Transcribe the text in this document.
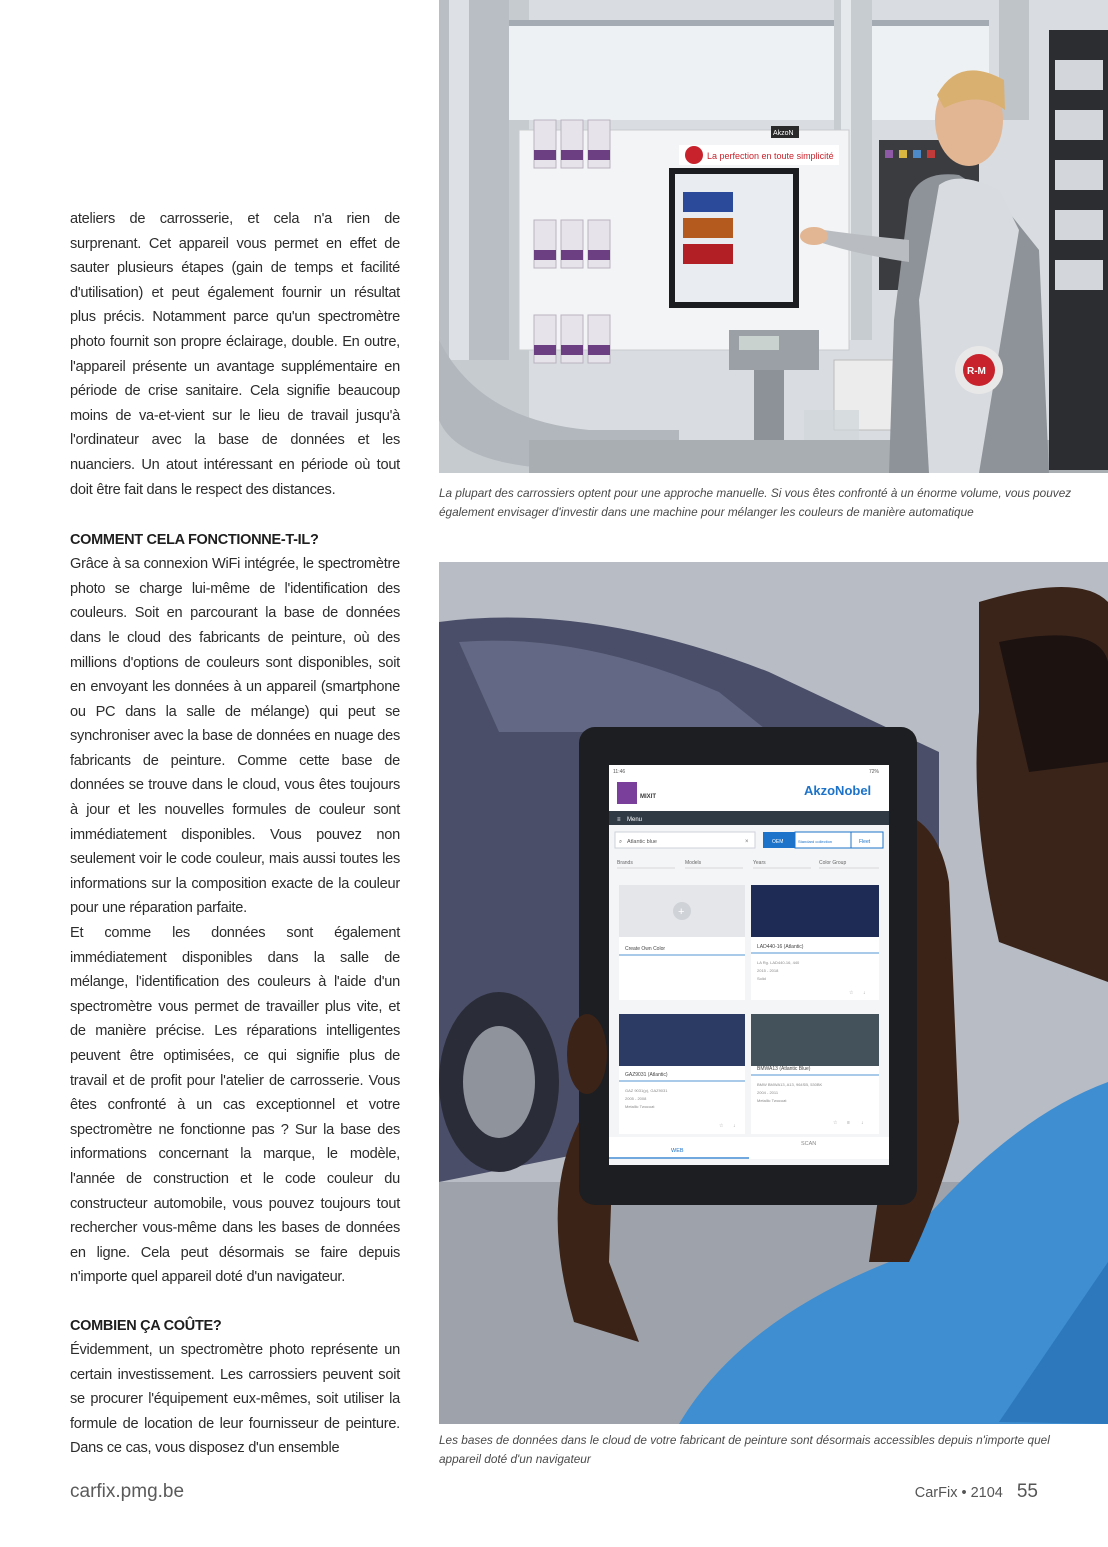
ateliers de carrosserie, et cela n'a rien de surprenant. Cet appareil vous permet en effet de sauter plusieurs étapes (gain de temps et facilité d'utilisation) et peut également fournir un résultat plus précis. Notamment parce qu'un spectromètre photo fournit son propre éclairage, double. En outre, l'appareil présente un avantage supplémentaire en période de crise sanitaire. Cela signifie beaucoup moins de va-et-vient sur le lieu de travail jusqu'à l'ordinateur avec la base de données et les nuanciers. Un atout intéressant en période où tout doit être fait dans le respect des distances.

COMMENT CELA FONCTIONNE-T-IL?

Grâce à sa connexion WiFi intégrée, le spectromètre photo se charge lui-même de l'identification des couleurs. Soit en parcourant la base de données dans le cloud des fabricants de peinture, où des millions d'options de couleurs sont disponibles, soit en envoyant les données à un appareil (smartphone ou PC dans la salle de mélange) qui peut se synchroniser avec la base de données en nuage des fabricants de peinture. Comme cette base de données se trouve dans le cloud, vous êtes toujours à jour et les nouvelles formules de couleur sont immédiatement disponibles. Vous pouvez non seulement voir le code couleur, mais aussi toutes les informations sur la composition exacte de la couleur pour une réparation parfaite.

Et comme les données sont également immédiatement disponibles dans la salle de mélange, l'identification des couleurs à l'aide d'un spectromètre vous permet de travailler plus vite, et de manière précise. Les réparations intelligentes peuvent être optimisées, ce qui signifie plus de travail et de profit pour l'atelier de carrosserie. Vous êtes confronté à un cas exceptionnel et votre spectromètre ne fonctionne pas ? Sur la base des informations concernant la marque, le modèle, l'année de construction et le code couleur du constructeur automobile, vous pouvez toujours tout rechercher vous-même dans les bases de données en ligne. Cela peut désormais se faire depuis n'importe quel appareil doté d'un navigateur.

COMBIEN ÇA COÛTE?

Évidemment, un spectromètre photo représente un certain investissement. Les carrossiers peuvent soit se procurer l'équipement eux-mêmes, soit utiliser la formule de location de leur fournisseur de peinture. Dans ce cas, vous disposez d'un ensemble

La perfection en toute simplicité
AkzoN
R-M
La plupart des carrossiers optent pour une approche manuelle. Si vous êtes confronté à un énorme volume, vous pouvez également envisager d'investir dans une machine pour mélanger les couleurs de manière automatique
11:46	72%
MIXIT	AkzoNobel
≡ Menu
⌕ Atlantic blue	×	OEM	Standard collection	Fleet
Brands	Models	Years	Color Group
+
Create Own Color	LAD440-16 (Atlantic)
LA Rg. LAD440-16, 440
2015 - 2018
Solid
☆ ↓
GAZ9031 (Atlantic)
GAZ 9031(p), GAZ9031
2005 - 2008
Metallic Twocoat
☆ ↓
BMWA13 (Atlantic Blue)
BMW BMWA13, A13, 964SB, 530BK
2004 - 2011
Metallic Twocoat
☆ ≡ ↓
WEB
SCAN
Les bases de données dans le cloud de votre fabricant de peinture sont désormais accessibles depuis n'importe quel appareil doté d'un navigateur
carfix.pmg.be	CarFix • 2104 55
